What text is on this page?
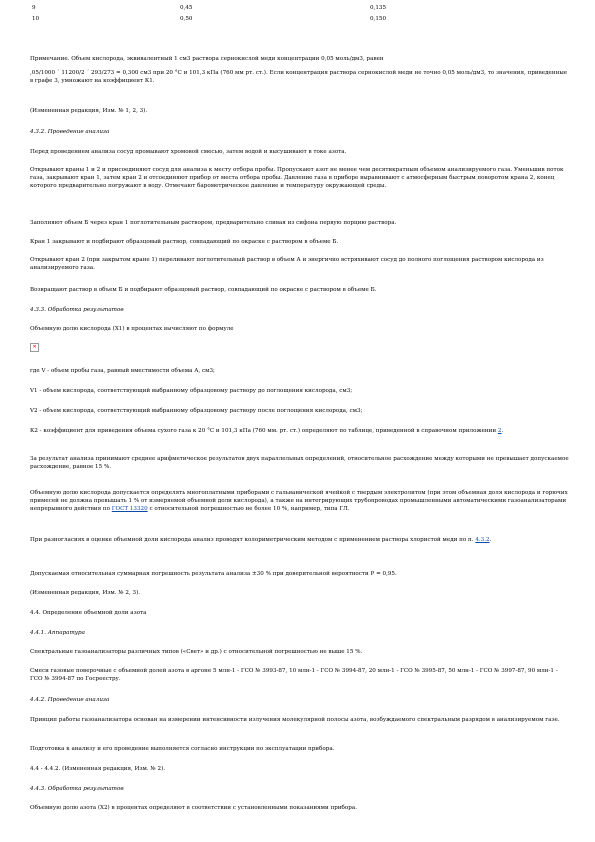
9	0,45	0,135
10	0,50	0,150

Примечание. Объем кислорода, эквивалентный 1 см3 раствора сернокислой меди концентрации 0,05 моль/дм3, равен

,05/1000 ´ 11200/2 ´ 293/273 = 0,300 см3 при 20 °С и 101,3 кПа (760 мм рт. ст.). Если концентрация раствора сернокислой меди не точно 0,05 моль/дм3, то значения, приведенные в графе 3, умножают на коэффициент К1.

(Измененная редакция, Изм. № 1, 2, 3).

4.3.2. Проведение анализа

Перед проведением анализа сосуд промывают хромовой смесью, затем водой и высушивают в токе азота.

Открывают краны 1 и 2 и присоединяют сосуд для анализа к месту отбора пробы. Пропускают азот не менее чем десятикратным объемом анализируемого газа. Уменьшив поток газа, закрывают кран 1, затем кран 2 и отсоединяют прибор от места отбора пробы. Давление газа в приборе выравнивают с атмосферным быстрым поворотом крана 2, конец которого предварительно погружают в воду. Отмечают барометрическое давление и температуру окружающей среды.

Заполняют объем Б через кран 1 поглотительным раствором, предварительно сливая из сифона первую порцию раствора.

Кран 1 закрывают и подбирают образцовый раствор, совпадающий по окраске с раствором в объеме Б.

Открывают кран 2 (при закрытом кране 1) переливают поглотительный раствор в объем А и энергично встряхивают сосуд до полного поглощения раствором кислорода из анализируемого газа.

Возвращают раствор в объем Б и подбирают образцовый раствор, совпадающий по окраске с раствором в объеме Б.

4.3.3. Обработка результатов

Объемную долю кислорода (Х1) в процентах вычисляют по формуле

✕

где V - объем пробы газа, равный вместимости объема А, см3;

V1 - объем кислорода, соответствующий выбранному образцовому раствору до поглощения кислорода, см3;

V2 - объем кислорода, соответствующий выбранному образцовому раствору после поглощения кислорода, см3;

К2 - коэффициент для приведения объема сухого газа к 20 °С и 101,3 кПа (760 мм. рт. ст.) определяют по таблице, приведенной в справочном приложении 2.

За результат анализа принимают среднее арифметическое результатов двух параллельных определений, относительное расхождение между которыми не превышает допускаемое расхождение, равное 15 %.

Объемную долю кислорода допускается определять многоплатными приборами с гальванической ячейкой с твердым электролитом (при этом объемная доля кислорода и горючих примесей не должна превышать 1 % от измеряемой объемной доли кислорода), а также на интегрирующих трубопроводах промышленными автоматическими газоанализаторами непрерывного действия по ГОСТ 13320 с относительной погрешностью не более 10 %, например, типа ГЛ.

При разногласиях в оценке объемной доли кислорода анализ проводят колориметрическим методом с применением раствора хлористой меди по п. 4.3.2.

Допускаемая относительная суммарная погрешность результата анализа ±30 % при доверительной вероятности P = 0,95.

(Измененная редакция, Изм. № 2, 3).

4.4. Определение объемной доли азота

4.4.1. Аппаратура

Спектральные газоанализаторы различных типов («Свет» и др.) с относительной погрешностью не выше 15 %.

Смеси газовые поверочные с объемной долей азота в аргоне 5 млн-1 - ГСО № 3993-87, 10 млн-1 - ГСО № 3994-87, 20 млн-1 - ГСО № 3995-87, 50 млн-1 - ГСО № 3997-87, 90 млн-1 - ГСО № 3994-87 по Госреестру.

4.4.2. Проведение анализа

Принцип работы газоанализатора основан на измерении интенсивности излучения молекулярной полосы азота, возбуждаемого спектральным разрядом в анализируемом газе.

Подготовка к анализу и его проведение выполняется согласно инструкции по эксплуатации прибора.

4.4 - 4.4.2. (Измененная редакция, Изм. № 2).

4.4.3. Обработка результатов

Объемную долю азота (Х2) в процентах определяют в соответствии с установленными показаниями прибора.
